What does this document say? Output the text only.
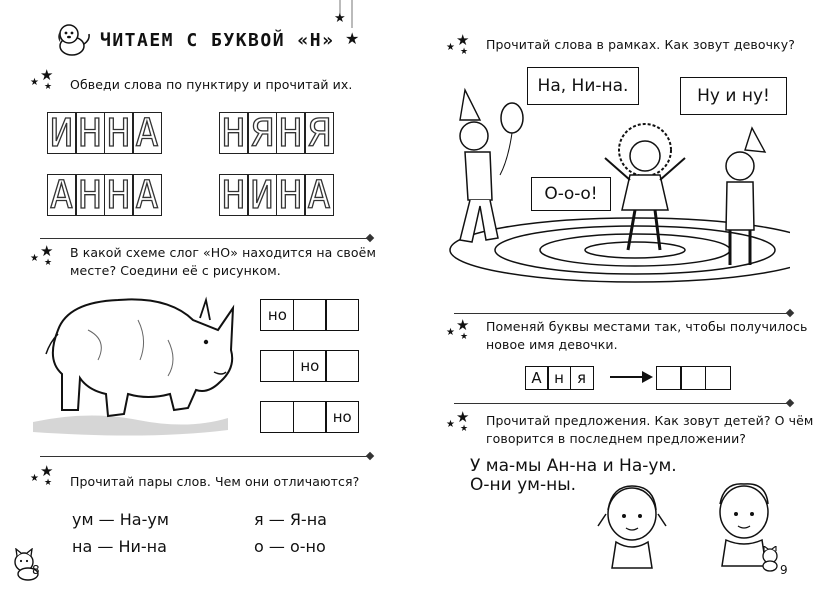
ЧИТАЕМ С БУКВОЙ «Н»
★
★
★
★ ★ Обведи слова по пунктиру и прочитай их.
И Н Н А Н Я Н Я
А Н Н А Н И Н А
★
★ ★
В какой схеме слог «НО» находится на своём
месте? Соедини её с рисунком.
но
но
но
★
★ ★ Прочитай пары слов. Чем они отличаются?
ум — На-ум
на — Ни-на
я — Я-на
о — о-но
8
★
★ ★ Прочитай слова в рамках. Как зовут девочку?
На, Ни-на.	Ну и ну!
О-о-о!
★
★ ★
Поменяй буквы местами так, чтобы получилось
новое имя девочки.
А н я
★
★ ★
Прочитай предложения. Как зовут детей? О чём
говорится в последнем предложении?
У ма-мы Ан-на и На-ум.
О-ни ум-ны.
9
